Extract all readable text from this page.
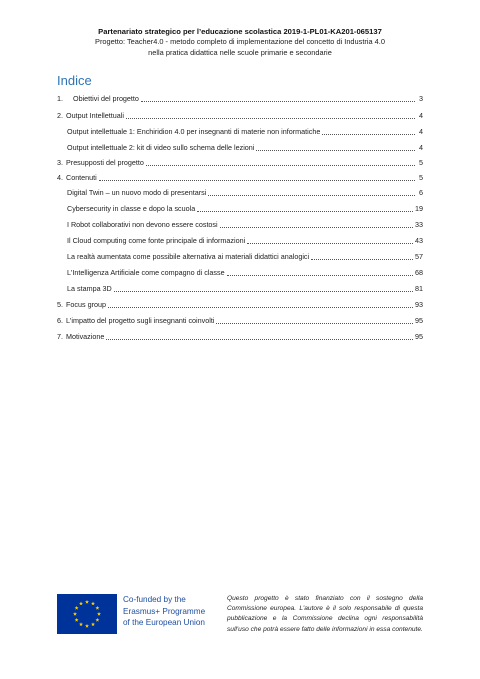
Partenariato strategico per l’educazione scolastica 2019-1-PL01-KA201-065137
Progetto: Teacher4.0 - metodo completo di implementazione del concetto di Industria 4.0
nella pratica didattica nelle scuole primarie e secondarie
Indice
1.	Obiettivi del progetto	3
2. Output Intellettuali	4
Output intellettuale 1: Enchiridion 4.0 per insegnanti di materie non informatiche	4
Output intellettuale 2: kit di video sullo schema delle lezioni	4
3. Presupposti del progetto	5
4. Contenuti	5
Digital Twin – un nuovo modo di presentarsi	6
Cybersecurity in classe e dopo la scuola	19
I Robot collaborativi non devono essere costosi	33
Il Cloud computing come fonte principale di informazioni	43
La realtà aumentata come possibile alternativa ai materiali didattici analogici	57
L'Intelligenza Artificiale come compagno di classe	68
La stampa 3D	81
5. Focus group	93
6. L'impatto del progetto sugli insegnanti coinvolti	95
7. Motivazione	95
Co-funded by the
Erasmus+ Programme
of the European Union
Questo progetto è stato finanziato con il sostegno della Commissione europea. L'autore è il solo responsabile di questa pubblicazione e la Commissione declina ogni responsabilità sull'uso che potrà essere fatto delle informazioni in essa contenute.
